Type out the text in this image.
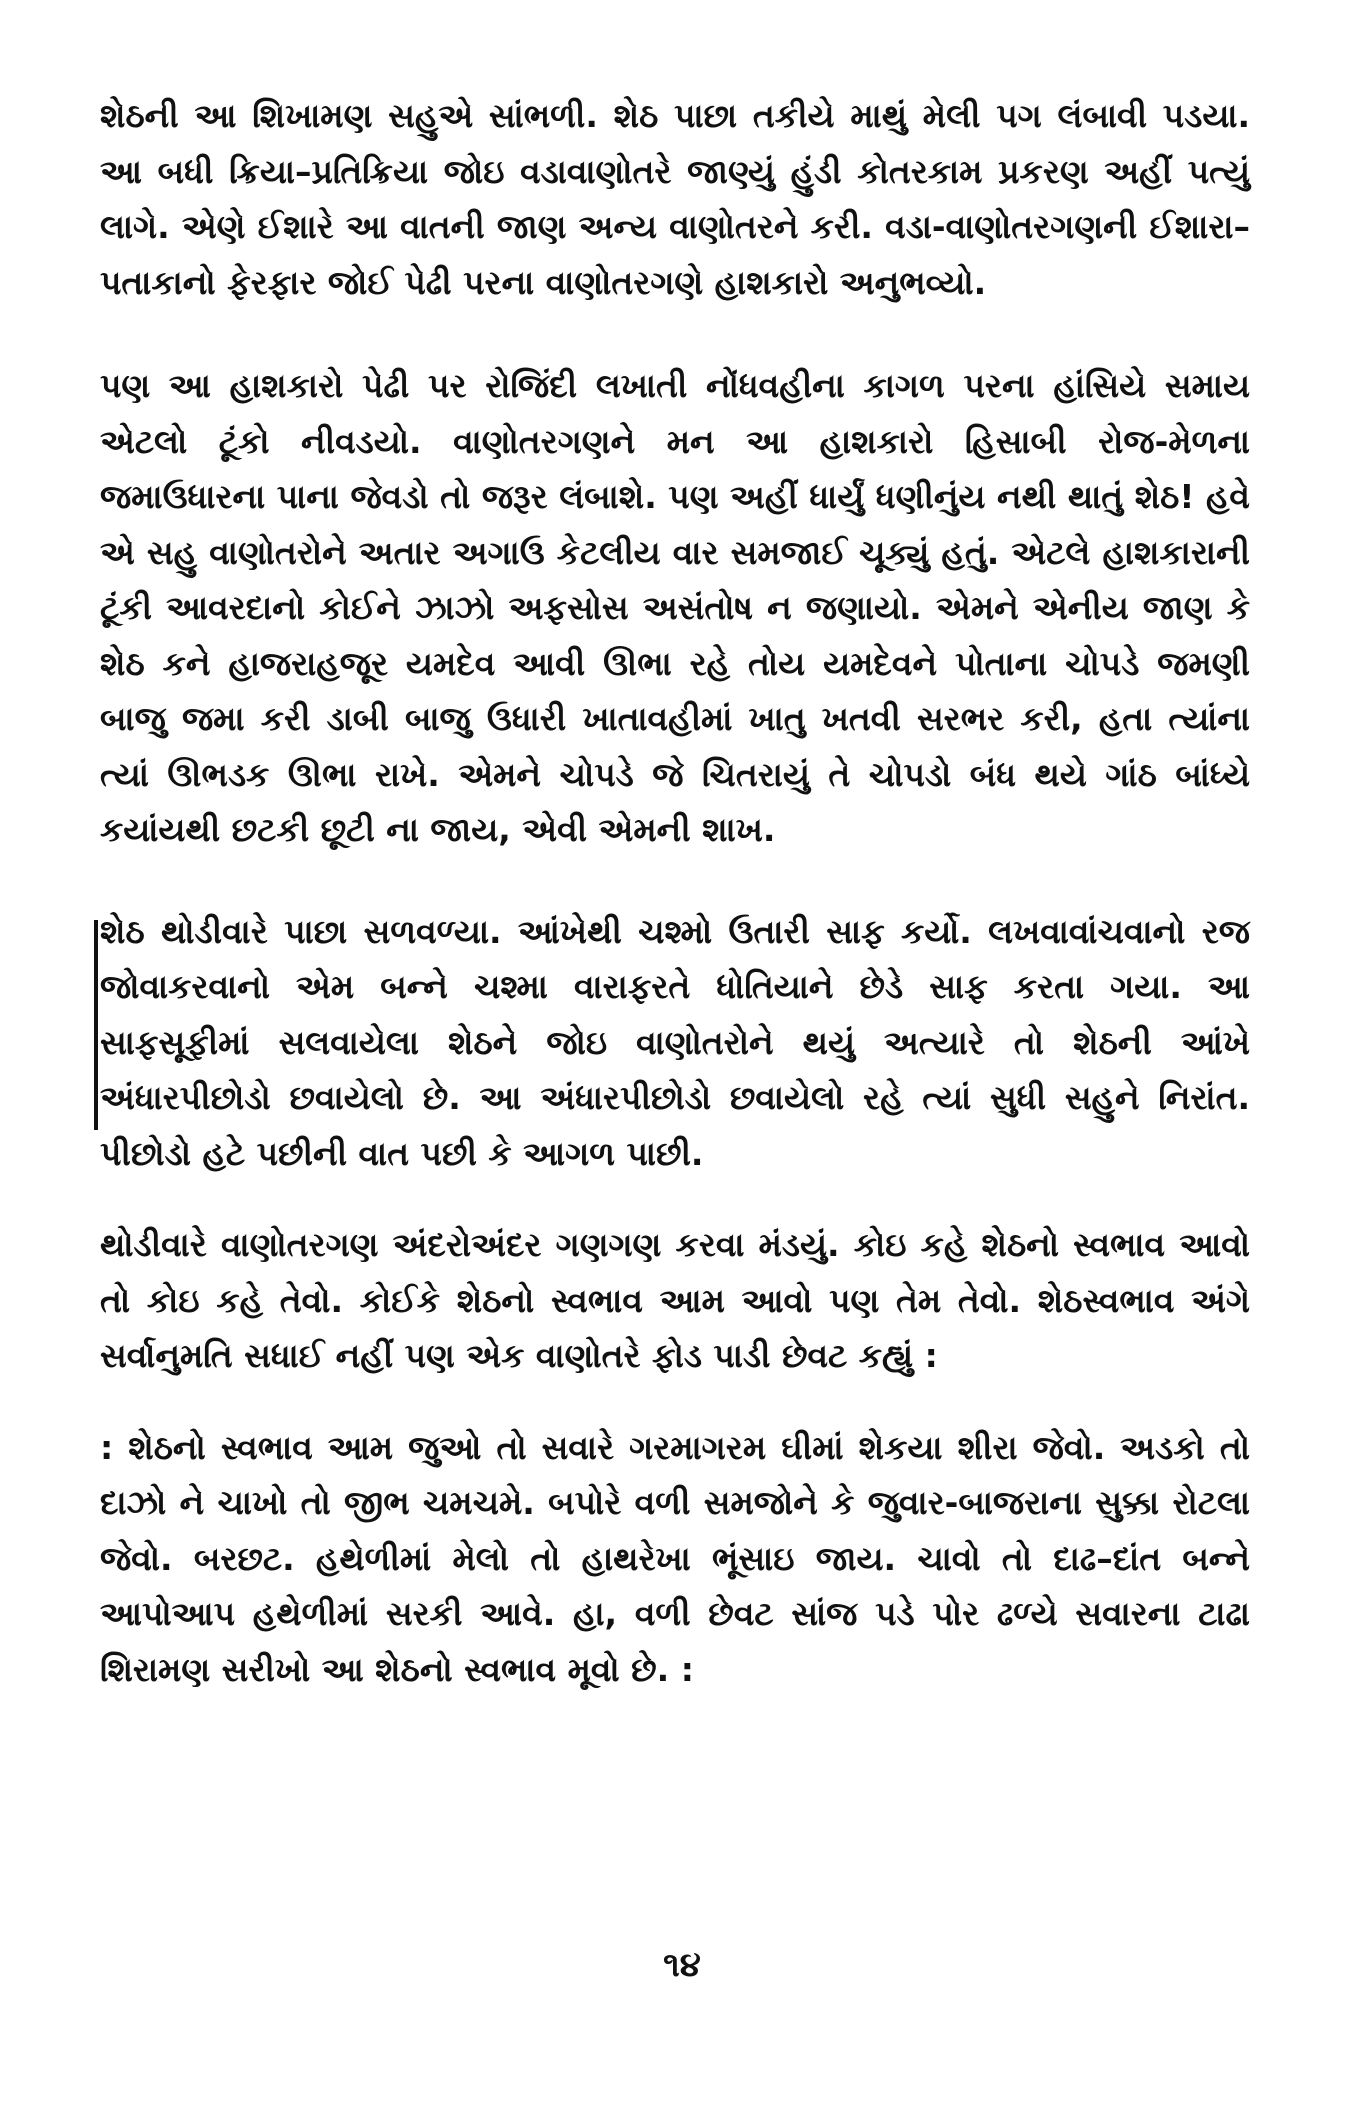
શેઠની આ શિખામણ સહુએ સાંભળી. શેઠ પાછા તકીયે માથું મેલી પગ લંબાવી પડયા. આ બધી ક્રિયા–પ્રતિક્રિયા જોઇ વડાવાણોતરે જાણ્યું હુંડી કોતરકામ પ્રકરણ અહીં પત્યું લાગે. એણે ઈશારે આ વાતની જાણ અન્ય વાણોતરને કરી. વડા-વાણોતરગણની ઈશારા–પતાકાનો ફેરફાર જોઈ પેઢી પરના વાણોતરગણે હાશકારો અનુભવ્યો.

પણ આ હાશકારો પેઢી પર રોજિંદી લખાતી નોંધવહીના કાગળ પરના હાંસિયે સમાય એટલો ટૂંકો નીવડયો. વાણોતરગણને મન આ હાશકારો હિસાબી રોજ-મેળના જમાઉધારના પાના જેવડો તો જરૂર લંબાશે. પણ અહીં ધાર્યું ધણીનુંય નથી થાતું શેઠ! હવે એ સહુ વાણોતરોને અતાર અગાઉ કેટલીય વાર સમજાઈ ચૂક્યું હતું. એટલે હાશકારાની ટૂંકી આવરદાનો કોઈને ઝાઝો અફસોસ અસંતોષ ન જણાયો. એમને એનીય જાણ કે શેઠ કને હાજરાહજૂર યમદેવ આવી ઊભા રહે તોય યમદેવને પોતાના ચોપડે જમણી બાજુ જમા કરી ડાબી બાજુ ઉધારી ખાતાવહીમાં ખાતુ ખતવી સરભર કરી, હતા ત્યાંના ત્યાં ઊભડક ઊભા રાખે. એમને ચોપડે જે ચિતરાયું તે ચોપડો બંધ થયે ગાંઠ બાંધ્યે કયાંયથી છટકી છૂટી ના જાય, એવી એમની શાખ.

શેઠ થોડીવારે પાછા સળવળ્યા. આંખેથી ચશ્મો ઉતારી સાફ કર્યો. લખવાવાંચવાનો રજ જોવાકરવાનો એમ બન્ને ચશ્મા વારાફરતે ધોતિયાને છેડે સાફ કરતા ગયા. આ સાફસૂફીમાં સલવાયેલા શેઠને જોઇ વાણોતરોને થયું અત્યારે તો શેઠની આંખે અંધારપીછોડો છવાયેલો છે. આ અંધારપીછોડો છવાયેલો રહે ત્યાં સુધી સહુને નિરાંત. પીછોડો હટે પછીની વાત પછી કે આગળ પાછી.

થોડીવારે વાણોતરગણ અંદરોઅંદર ગણગણ કરવા મંડયું. કોઇ કહે શેઠનો સ્વભાવ આવો તો કોઇ કહે તેવો. કોઈકે શેઠનો સ્વભાવ આમ આવો પણ તેમ તેવો. શેઠસ્વભાવ અંગે સર્વાનુમતિ સધાઈ નહીં પણ એક વાણોતરે ફોડ પાડી છેવટ કહ્યું :

: શેઠનો સ્વભાવ આમ જુઓ તો સવારે ગરમાગરમ ઘીમાં શેકયા શીરા જેવો. અડકો તો દાઝો ને ચાખો તો જીભ ચમચમે. બપોરે વળી સમજોને કે જુવાર-બાજરાના સુક્કા રોટલા જેવો. બરછટ. હથેળીમાં મેલો તો હાથરેખા ભૂંસાઇ જાય. ચાવો તો દાઢ–દાંત બન્ને આપોઆપ હથેળીમાં સરકી આવે. હા, વળી છેવટ સાંજ પડે પોર ઢળ્યે સવારના ટાઢા શિરામણ સરીખો આ શેઠનો સ્વભાવ મૂવો છે. :

૧૪
